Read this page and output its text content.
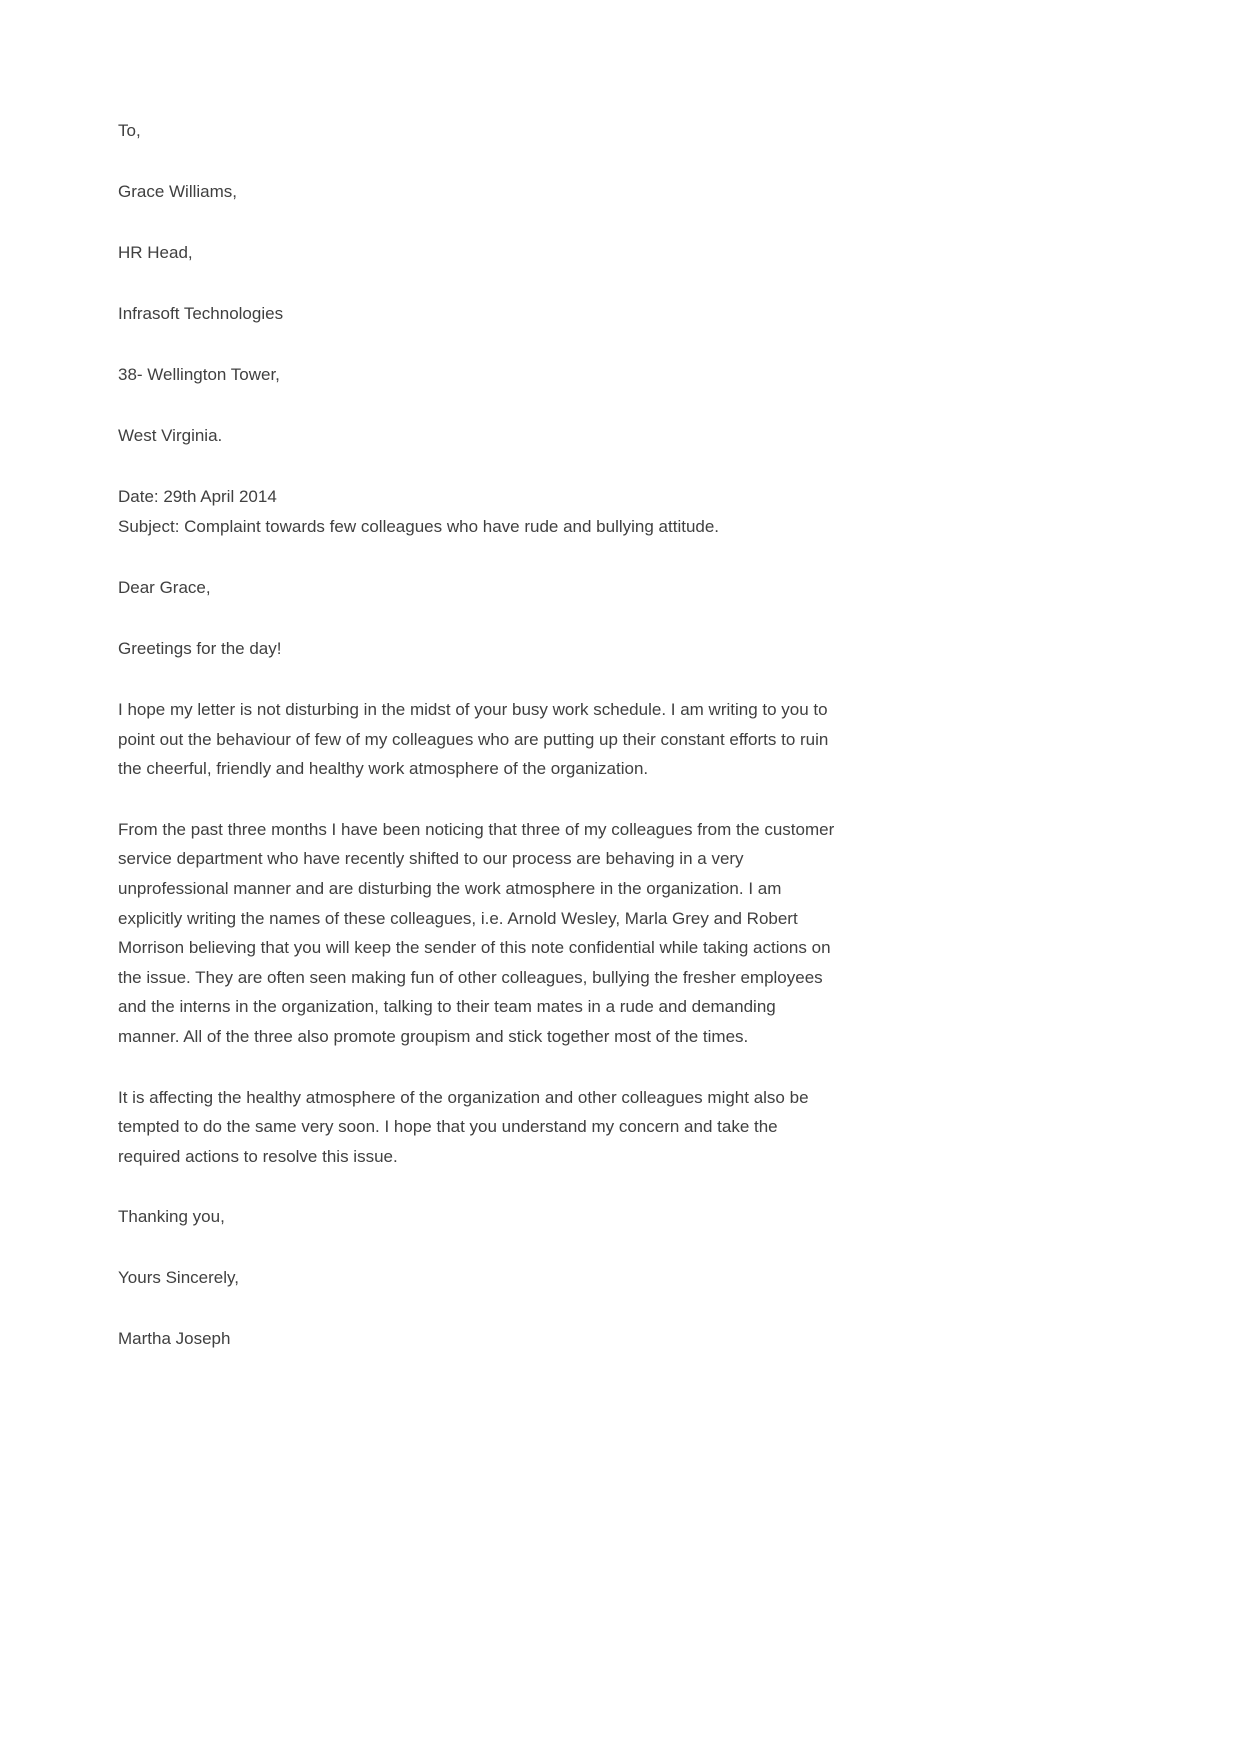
To,
Grace Williams,
HR Head,
Infrasoft Technologies
38- Wellington Tower,
West Virginia.
Date: 29th April 2014
Subject: Complaint towards few colleagues who have rude and bullying attitude.
Dear Grace,
Greetings for the day!

I hope my letter is not disturbing in the midst of your busy work schedule. I am writing to you to point out the behaviour of few of my colleagues who are putting up their constant efforts to ruin the cheerful, friendly and healthy work atmosphere of the organization.

From the past three months I have been noticing that three of my colleagues from the customer service department who have recently shifted to our process are behaving in a very unprofessional manner and are disturbing the work atmosphere in the organization. I am explicitly writing the names of these colleagues, i.e. Arnold Wesley, Marla Grey and Robert Morrison believing that you will keep the sender of this note confidential while taking actions on the issue. They are often seen making fun of other colleagues, bullying the fresher employees and the interns in the organization, talking to their team mates in a rude and demanding manner. All of the three also promote groupism and stick together most of the times.

It is affecting the healthy atmosphere of the organization and other colleagues might also be tempted to do the same very soon. I hope that you understand my concern and take the required actions to resolve this issue.

Thanking you,
Yours Sincerely,
Martha Joseph
